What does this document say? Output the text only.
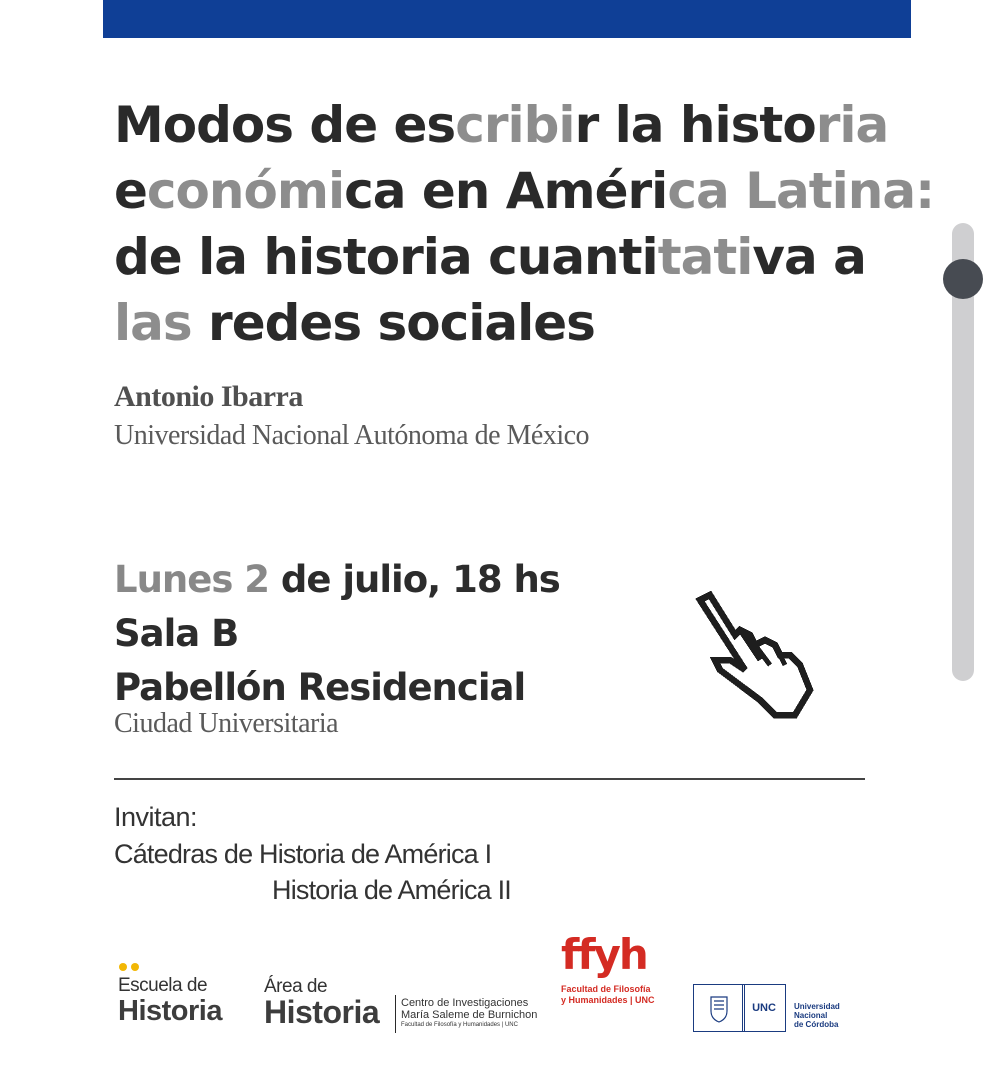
Modos de escribir la historia
económica en América Latina:
de la historia cuantitativa a
las redes sociales
Antonio Ibarra
Universidad Nacional Autónoma de México
Lunes 2 de julio, 18 hs
Sala B
Pabellón Residencial
Ciudad Universitaria
Invitan:
Cátedras de Historia de América I
Historia de América II
Escuela de
Historia
Área de
Historia Centro de Investigaciones
María Saleme de Burnichon
Facultad de Filosofía y Humanidades | UNC
ffyh
Facultad de Filosofía
y Humanidades | UNC
UNC	Universidad
Nacional
de Córdoba
